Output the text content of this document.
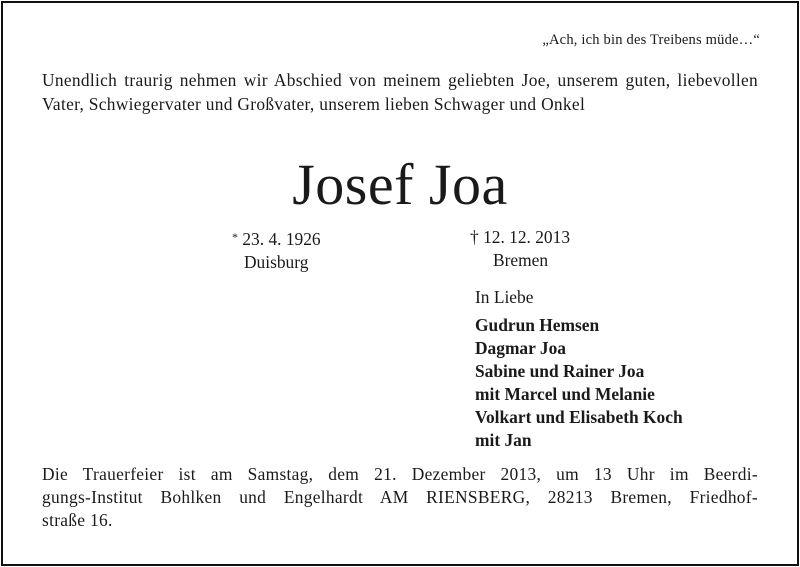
„Ach, ich bin des Treibens müde…“
Unendlich traurig nehmen wir Abschied von meinem geliebten Joe, unserem guten, liebevollen Vater, Schwiegervater und Großvater, unserem lieben Schwager und Onkel
Josef Joa
* 23. 4. 1926
Duisburg
† 12. 12. 2013
Bremen
In Liebe
Gudrun Hemsen
Dagmar Joa
Sabine und Rainer Joa
mit Marcel und Melanie
Volkart und Elisabeth Koch
mit Jan
Die Trauerfeier ist am Samstag, dem 21. Dezember 2013, um 13 Uhr im Beerdi-
gungs-Institut Bohlken und Engelhardt AM RIENSBERG, 28213 Bremen, Friedhof-
straße 16.
